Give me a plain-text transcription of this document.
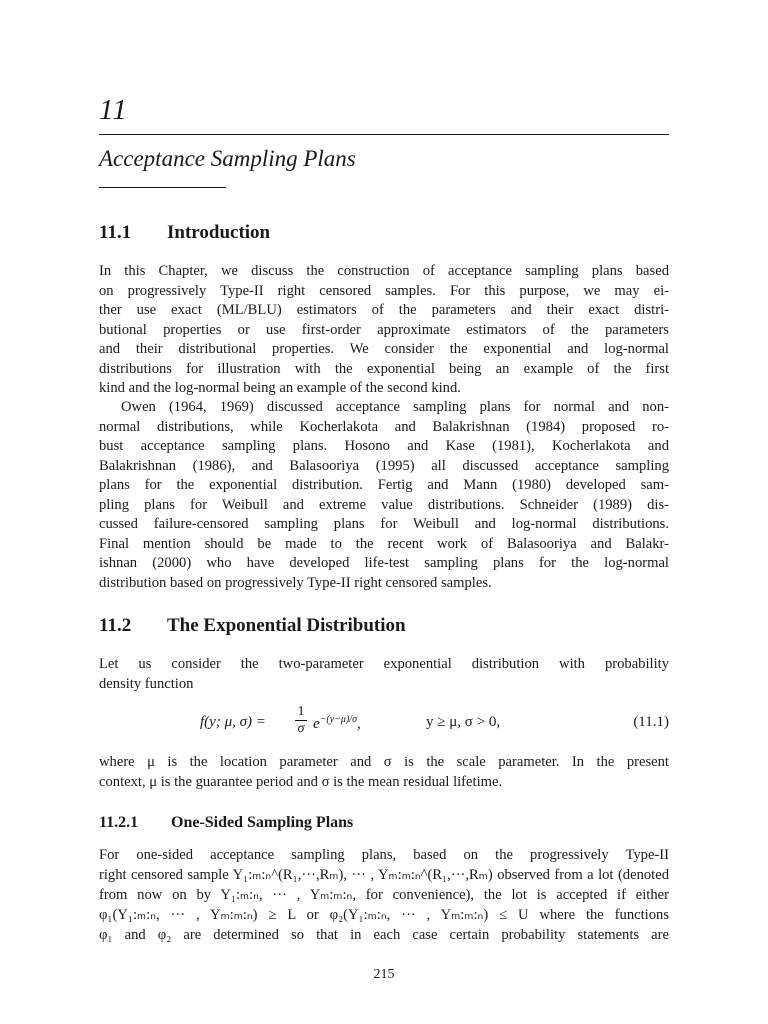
11
Acceptance Sampling Plans
11.1 Introduction
In this Chapter, we discuss the construction of acceptance sampling plans based
on progressively Type-II right censored samples. For this purpose, we may ei-
ther use exact (ML/BLU) estimators of the parameters and their exact distri-
butional properties or use first-order approximate estimators of the parameters
and their distributional properties. We consider the exponential and log-normal
distributions for illustration with the exponential being an example of the first
kind and the log-normal being an example of the second kind.
Owen (1964, 1969) discussed acceptance sampling plans for normal and non-
normal distributions, while Kocherlakota and Balakrishnan (1984) proposed ro-
bust acceptance sampling plans. Hosono and Kase (1981), Kocherlakota and
Balakrishnan (1986), and Balasooriya (1995) all discussed acceptance sampling
plans for the exponential distribution. Fertig and Mann (1980) developed sam-
pling plans for Weibull and extreme value distributions. Schneider (1989) dis-
cussed failure-censored sampling plans for Weibull and log-normal distributions.
Final mention should be made to the recent work of Balasooriya and Balakr-
ishnan (2000) who have developed life-test sampling plans for the log-normal
distribution based on progressively Type-II right censored samples.
11.2 The Exponential Distribution
Let us consider the two-parameter exponential distribution with probability
density function
f(y; μ, $\sigma) = \frac{1}{\sigma} e^{-(y-\mu)/\sigma}$,	y ≥ μ, σ > 0,	(11.1)
where μ is the location parameter and σ is the scale parameter. In the present
context, μ is the guarantee period and σ is the mean residual lifetime.
11.2.1 One-Sided Sampling Plans
For one-sided acceptance sampling plans, based on the progressively Type-II
right censored sample Y₁:ₘ:ₙ^(R₁,···,Rₘ), ··· , Yₘ:ₘ:ₙ^(R₁,···,Rₘ) observed from a lot (denoted
from now on by Y₁:ₘ:ₙ, ··· , Yₘ:ₘ:ₙ, for convenience), the lot is accepted if either
φ₁(Y₁:ₘ:ₙ, ··· , Yₘ:ₘ:ₙ) ≥ L or φ₂(Y₁:ₘ:ₙ, ··· , Yₘ:ₘ:ₙ) ≤ U where the functions
φ₁ and φ₂ are determined so that in each case certain probability statements are
215
